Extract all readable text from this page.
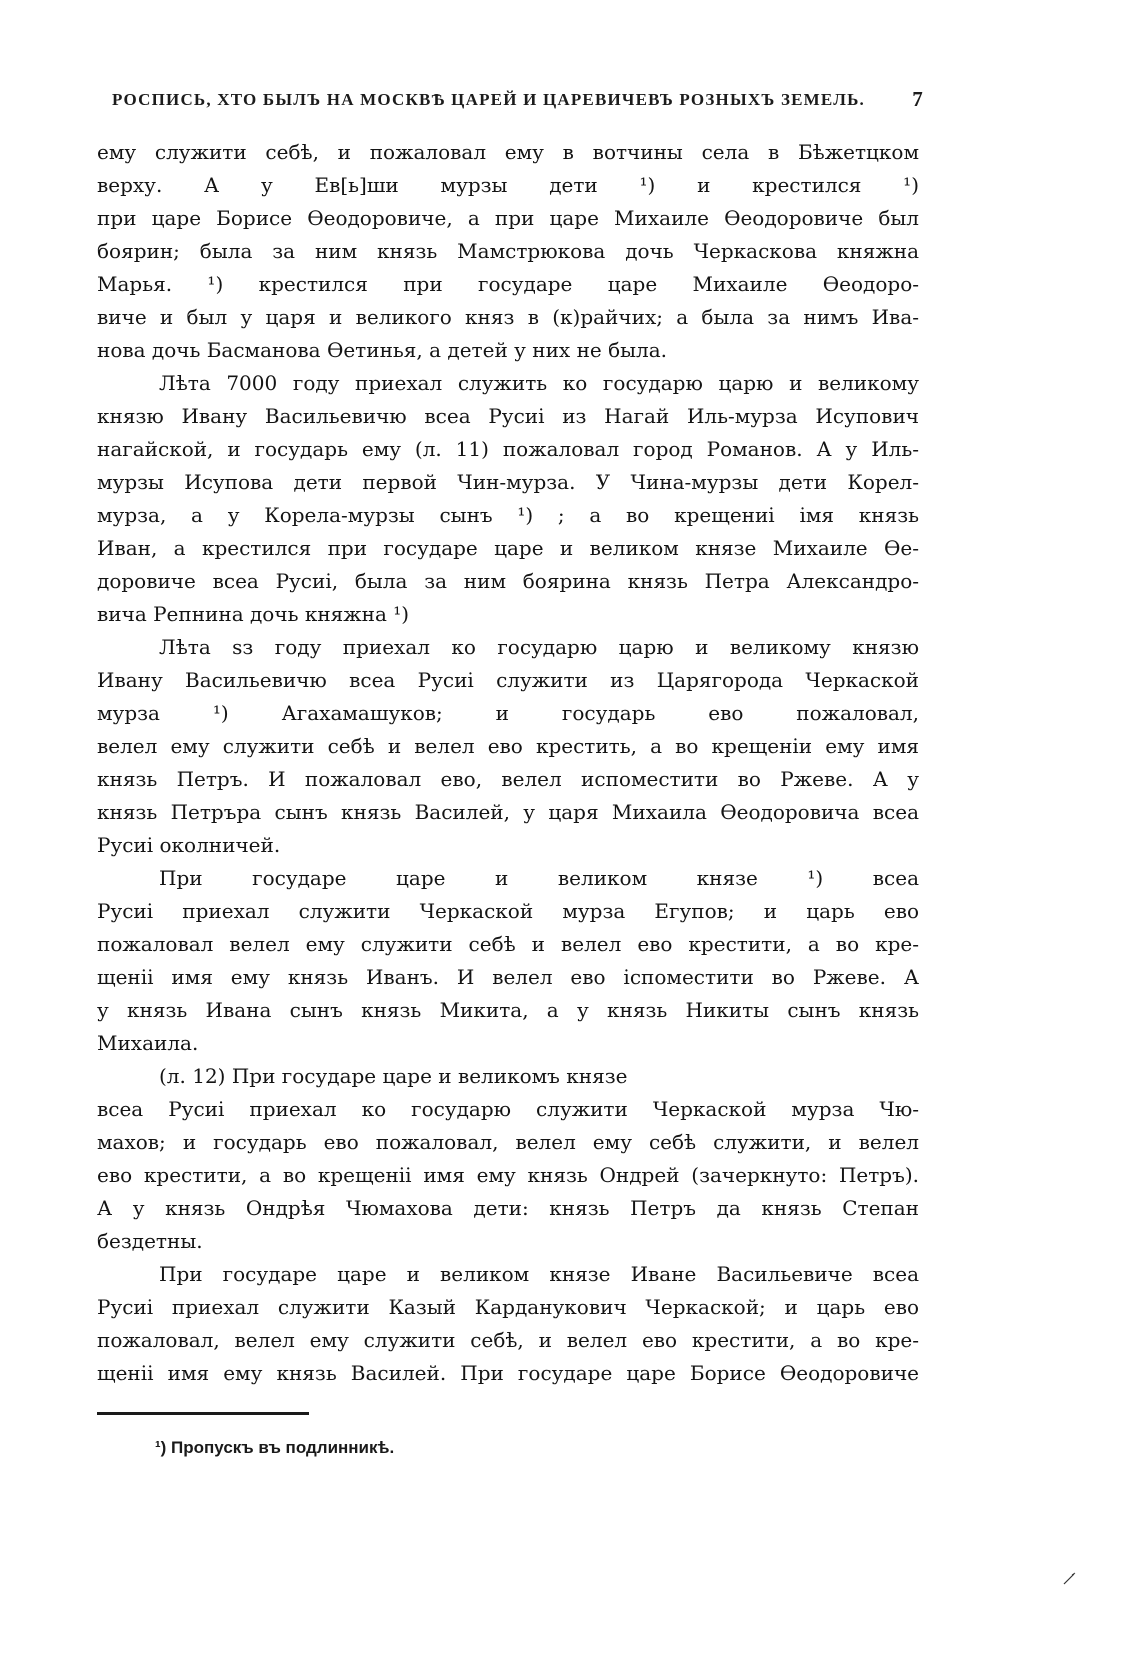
РОСПИСЬ, ХТО БЫЛЪ НА МОСКВѢ ЦАРЕЙ И ЦАРЕВИЧЕВЪ РОЗНЫХЪ ЗЕМЕЛЬ. 7
ему служити себѣ, и пожаловал ему в вотчины села в Бѣжетцком
верху. А у Ев[ь]ши мурзы дети ¹) и крестился ¹)
при царе Борисе Ѳеодоровиче, а при царе Михаиле Ѳеодоровиче был
боярин; была за ним князь Мамстрюкова дочь Черкаскова княжна
Марья. ¹) крестился при государе царе Михаиле Ѳеодоро-
виче и был у царя и великого княз в (к)райчих; а была за нимъ Ива-
нова дочь Басманова Ѳетинья, а детей у них не была.
Лѣта 7000 году приехал служить ко государю царю и великому
князю Ивану Васильевичю всеа Русиі из Нагай Иль-мурза Исупович
нагайской, и государь ему (л. 11) пожаловал город Романов. А у Иль-
мурзы Исупова дети первой Чин-мурза. У Чина-мурзы дети Корел-
мурза, а у Корела-мурзы сынъ ¹) ; а во крещениі імя князь
Иван, а крестился при государе царе и великом князе Михаиле Ѳе-
доровиче всеа Русиі, была за ним боярина князь Петра Александро-
вича Репнина дочь княжна ¹)
Лѣта ѕз году приехал ко государю царю и великому князю
Ивану Васильевичю всеа Русиі служити из Царягорода Черкаской
мурза ¹) Агахамашуков; и государь ево пожаловал,
велел ему служити себѣ и велел ево крестить, а во крещеніи ему имя
князь Петръ. И пожаловал ево, велел испоместити во Ржеве. А у
князь Петръра сынъ князь Василей, у царя Михаила Ѳеодоровича всеа
Русиі околничей.
При государе царе и великом князе ¹) всеа
Русиі приехал служити Черкаской мурза Егупов; и царь ево
пожаловал велел ему служити себѣ и велел ево крестити, а во кре-
щеніі имя ему князь Иванъ. И велел ево іспоместити во Ржеве. А
у князь Ивана сынъ князь Микита, а у князь Никиты сынъ князь
Михаила.
(л. 12) При государе царе и великомъ князе
всеа Русиі приехал ко государю служити Черкаской мурза Чю-
махов; и государь ево пожаловал, велел ему себѣ служити, и велел
ево крестити, а во крещеніі имя ему князь Ондрей (зачеркнуто: Петръ).
А у князь Ондрѣя Чюмахова дети: князь Петръ да князь Степан
бездетны.
При государе царе и великом князе Иване Васильевиче всеа
Русиі приехал служити Казый Карданукович Черкаской; и царь ево
пожаловал, велел ему служити себѣ, и велел ево крестити, а во кре-
щеніі имя ему князь Василей. При государе царе Борисе Ѳеодоровиче
¹) Пропускъ въ подлинникѣ.
